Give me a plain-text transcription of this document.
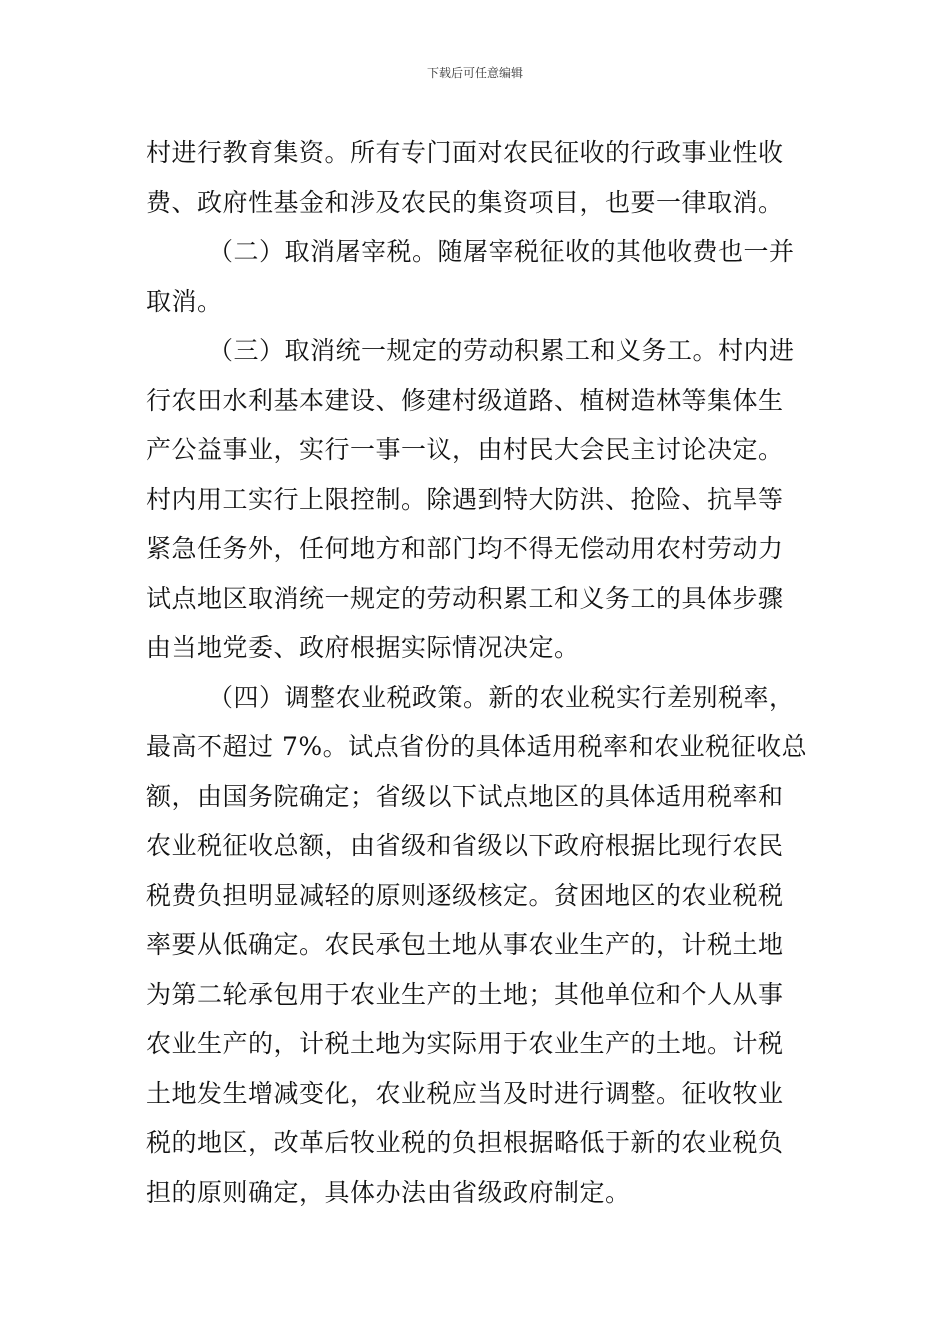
下载后可任意编辑
村进行教育集资。所有专门面对农民征收的行政事业性收
费、政府性基金和涉及农民的集资项目，也要一律取消。
（二）取消屠宰税。随屠宰税征收的其他收费也一并
取消。
（三）取消统一规定的劳动积累工和义务工。村内进
行农田水利基本建设、修建村级道路、植树造林等集体生
产公益事业，实行一事一议，由村民大会民主讨论决定。
村内用工实行上限控制。除遇到特大防洪、抢险、抗旱等
紧急任务外，任何地方和部门均不得无偿动用农村劳动力
试点地区取消统一规定的劳动积累工和义务工的具体步骤
由当地党委、政府根据实际情况决定。
（四）调整农业税政策。新的农业税实行差别税率，
最高不超过 7%。试点省份的具体适用税率和农业税征收总
额，由国务院确定；省级以下试点地区的具体适用税率和
农业税征收总额，由省级和省级以下政府根据比现行农民
税费负担明显减轻的原则逐级核定。贫困地区的农业税税
率要从低确定。农民承包土地从事农业生产的，计税土地
为第二轮承包用于农业生产的土地；其他单位和个人从事
农业生产的，计税土地为实际用于农业生产的土地。计税
土地发生增减变化，农业税应当及时进行调整。征收牧业
税的地区，改革后牧业税的负担根据略低于新的农业税负
担的原则确定，具体办法由省级政府制定。
